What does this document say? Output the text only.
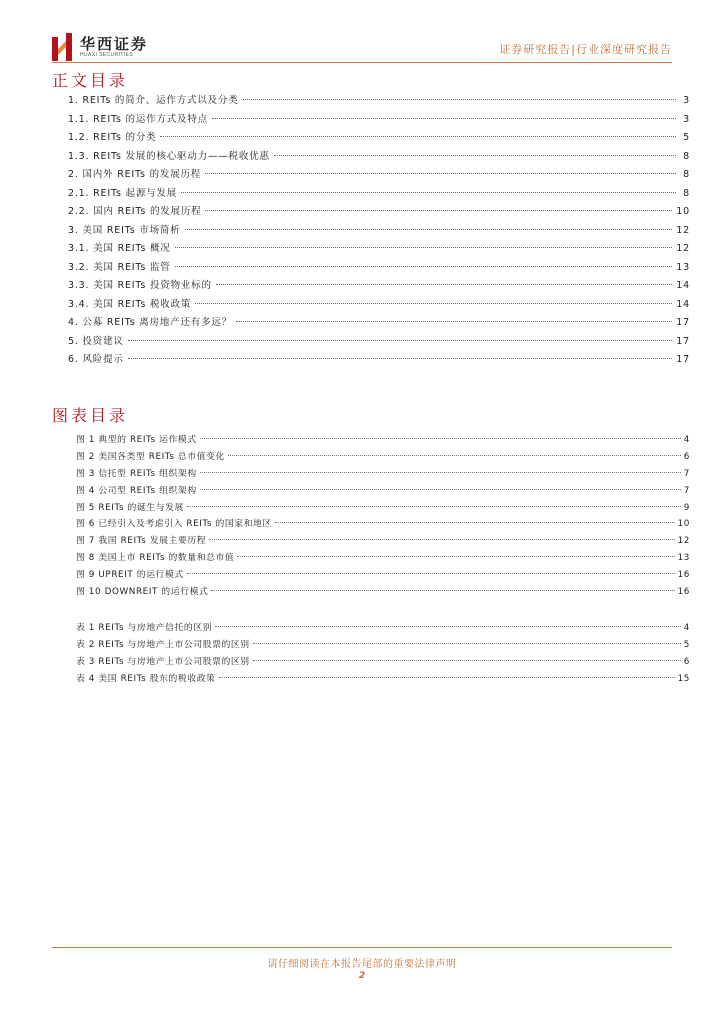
华西证券
HUAXI SECURITIES	证券研究报告|行业深度研究报告
正文目录
1. REITs 的简介、运作方式以及分类	3
1.1. REITs 的运作方式及特点	3
1.2. REITs 的分类	5
1.3. REITs 发展的核心驱动力——税收优惠	8
2. 国内外 REITs 的发展历程	8
2.1. REITs 起源与发展	8
2.2. 国内 REITs 的发展历程	10
3. 美国 REITs 市场简析	12
3.1. 美国 REITs 概况	12
3.2. 美国 REITs 监管	13
3.3. 美国 REITs 投资物业标的	14
3.4. 美国 REITs 税收政策	14
4. 公募 REITs 离房地产还有多远？	17
5. 投资建议	17
6. 风险提示	17
图表目录
图 1 典型的 REITs 运作模式	4
图 2 美国各类型 REITs 总市值变化	6
图 3 信托型 REITs 组织架构	7
图 4 公司型 REITs 组织架构	7
图 5 REITs 的诞生与发展	9
图 6 已经引入及考虑引入 REITs 的国家和地区	10
图 7 我国 REITs 发展主要历程	12
图 8 美国上市 REITs 的数量和总市值	13
图 9 UPREIT 的运行模式	16
图 10 DOWNREIT 的运行模式	16
表 1 REITs 与房地产信托的区别	4
表 2 REITs 与房地产上市公司股票的区别	5
表 3 REITs 与房地产上市公司股票的区别	6
表 4 美国 REITs 股东的税收政策	15
请仔细阅读在本报告尾部的重要法律声明
2
